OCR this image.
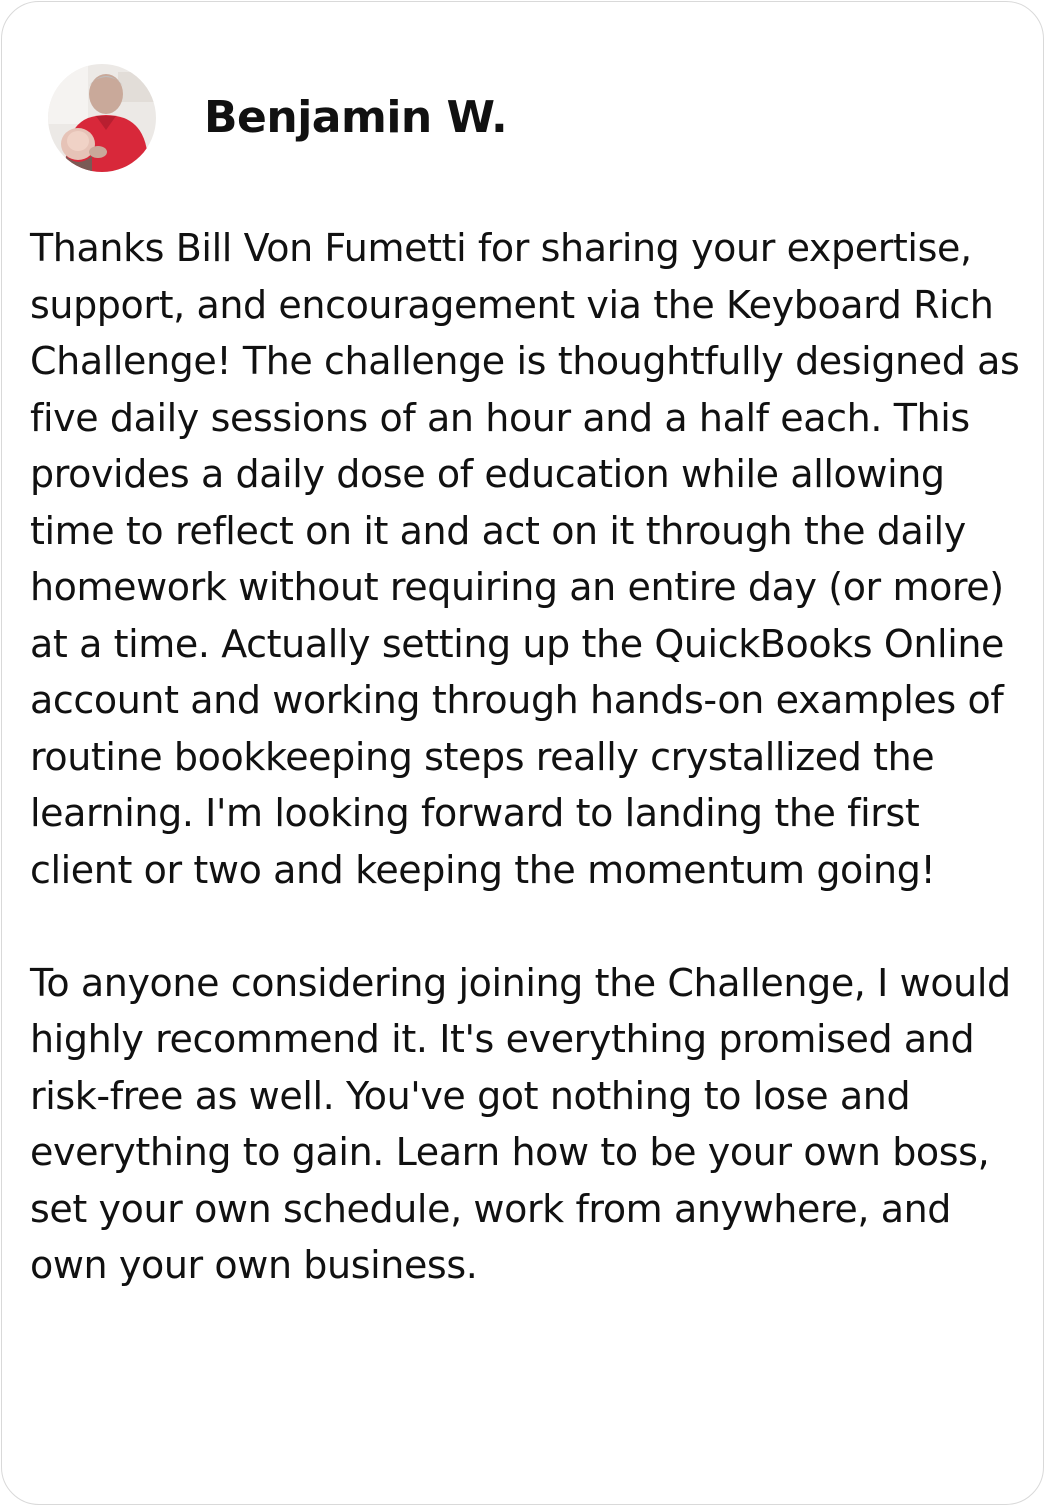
Benjamin W.

Thanks Bill Von Fumetti for sharing your expertise, support, and encouragement via the Keyboard Rich Challenge! The challenge is thoughtfully designed as five daily sessions of an hour and a half each. This provides a daily dose of education while allowing time to reflect on it and act on it through the daily homework without requiring an entire day (or more) at a time. Actually setting up the QuickBooks Online account and working through hands-on examples of routine bookkeeping steps really crystallized the learning. I'm looking forward to landing the first client or two and keeping the momentum going!

To anyone considering joining the Challenge, I would highly recommend it. It's everything promised and risk-free as well. You've got nothing to lose and everything to gain. Learn how to be your own boss, set your own schedule, work from anywhere, and own your own business.
